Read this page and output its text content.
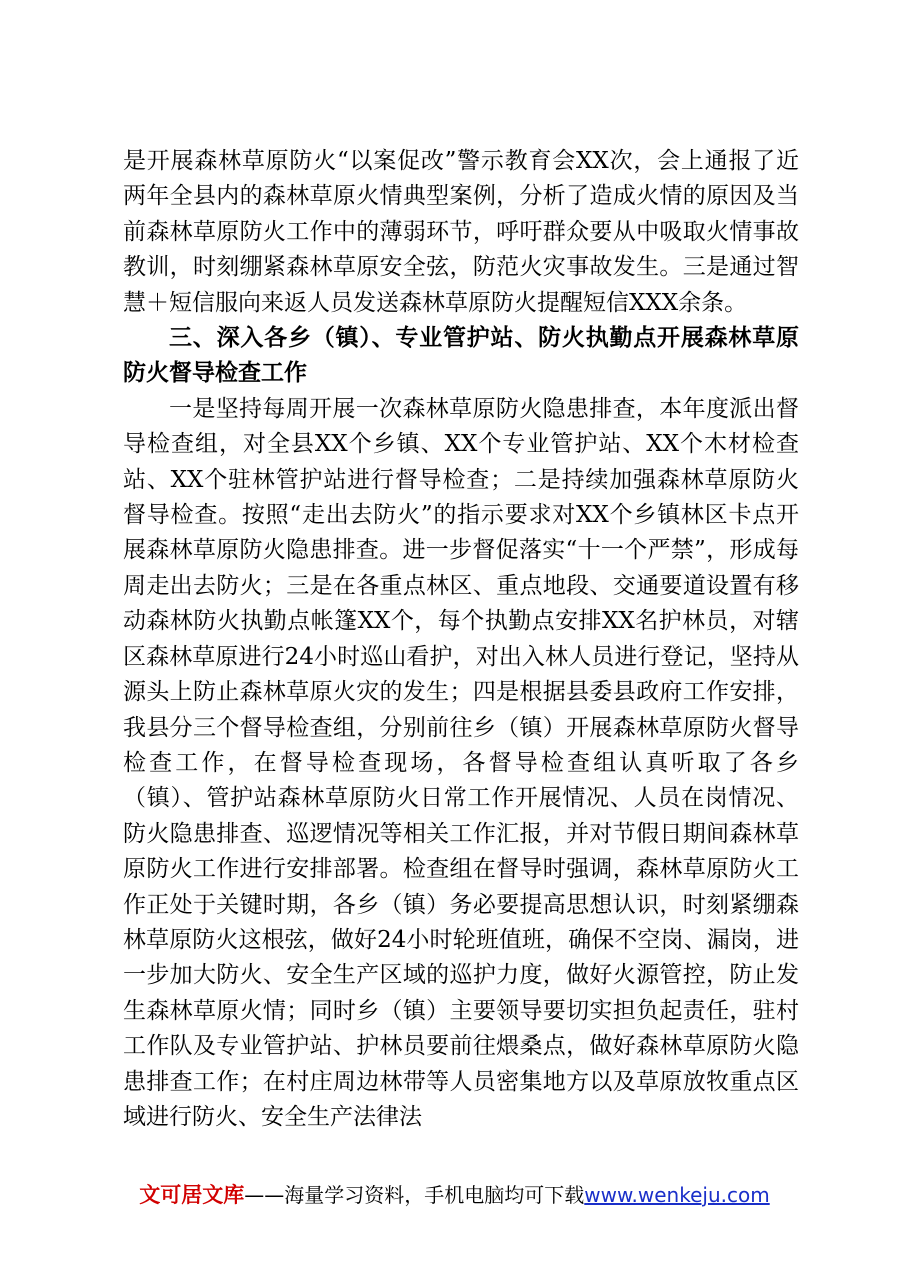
是开展森林草原防火“以案促改”警示教育会XX次，会上通报了近两年全县内的森林草原火情典型案例，分析了造成火情的原因及当前森林草原防火工作中的薄弱环节，呼吁群众要从中吸取火情事故教训，时刻绷紧森林草原安全弦，防范火灾事故发生。三是通过智慧＋短信服向来返人员发送森林草原防火提醒短信XXX余条。

三、深入各乡（镇）、专业管护站、防火执勤点开展森林草原防火督导检查工作

一是坚持每周开展一次森林草原防火隐患排查，本年度派出督导检查组，对全县XX个乡镇、XX个专业管护站、XX个木材检查站、XX个驻林管护站进行督导检查；二是持续加强森林草原防火督导检查。按照“走出去防火”的指示要求对XX个乡镇林区卡点开展森林草原防火隐患排查。进一步督促落实“十一个严禁”，形成每周走出去防火；三是在各重点林区、重点地段、交通要道设置有移动森林防火执勤点帐篷XX个，每个执勤点安排XX名护林员，对辖区森林草原进行24小时巡山看护，对出入林人员进行登记，坚持从源头上防止森林草原火灾的发生；四是根据县委县政府工作安排，我县分三个督导检查组，分别前往乡（镇）开展森林草原防火督导检查工作，在督导检查现场，各督导检查组认真听取了各乡（镇）、管护站森林草原防火日常工作开展情况、人员在岗情况、防火隐患排查、巡逻情况等相关工作汇报，并对节假日期间森林草原防火工作进行安排部署。检查组在督导时强调，森林草原防火工作正处于关键时期，各乡（镇）务必要提高思想认识，时刻紧绷森林草原防火这根弦，做好24小时轮班值班，确保不空岗、漏岗，进一步加大防火、安全生产区域的巡护力度，做好火源管控，防止发生森林草原火情；同时乡（镇）主要领导要切实担负起责任，驻村工作队及专业管护站、护林员要前往煨桑点，做好森林草原防火隐患排查工作；在村庄周边林带等人员密集地方以及草原放牧重点区域进行防火、安全生产法律法

文可居文库——海量学习资料，手机电脑均可下载www.wenkeju.com
